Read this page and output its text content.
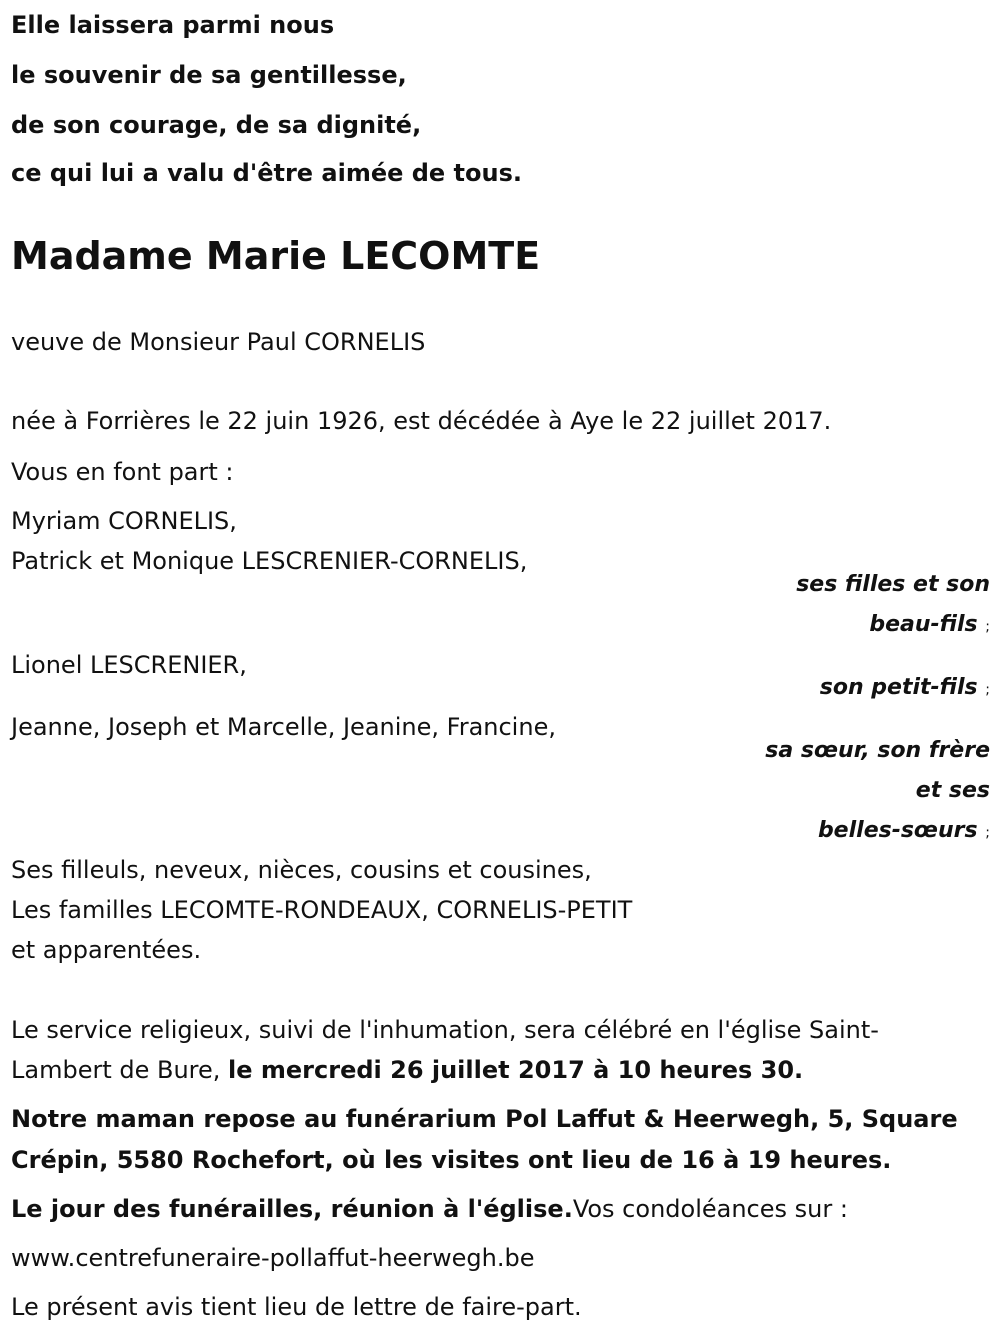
Elle laissera parmi nous
le souvenir de sa gentillesse,
de son courage, de sa dignité,
ce qui lui a valu d'être aimée de tous.
Madame Marie LECOMTE
veuve de Monsieur Paul CORNELIS
née à Forrières le 22 juin 1926, est décédée à Aye le 22 juillet 2017.
Vous en font part :
Myriam CORNELIS,
Patrick et Monique LESCRENIER-CORNELIS,
ses filles et son
beau-fils ;
Lionel LESCRENIER,
son petit-fils ;
Jeanne, Joseph et Marcelle, Jeanine, Francine,
sa sœur, son frère
et ses
belles-sœurs ;
Ses filleuls, neveux, nièces, cousins et cousines,
Les familles LECOMTE-RONDEAUX, CORNELIS-PETIT
et apparentées.
Le service religieux, suivi de l'inhumation, sera célébré en l'église Saint-
Lambert de Bure, le mercredi 26 juillet 2017 à 10 heures 30.
Notre maman repose au funérarium Pol Laffut & Heerwegh, 5, Square
Crépin, 5580 Rochefort, où les visites ont lieu de 16 à 19 heures.
Le jour des funérailles, réunion à l'église.Vos condoléances sur :
www.centrefuneraire-pollaffut-heerwegh.be
Le présent avis tient lieu de lettre de faire-part.
